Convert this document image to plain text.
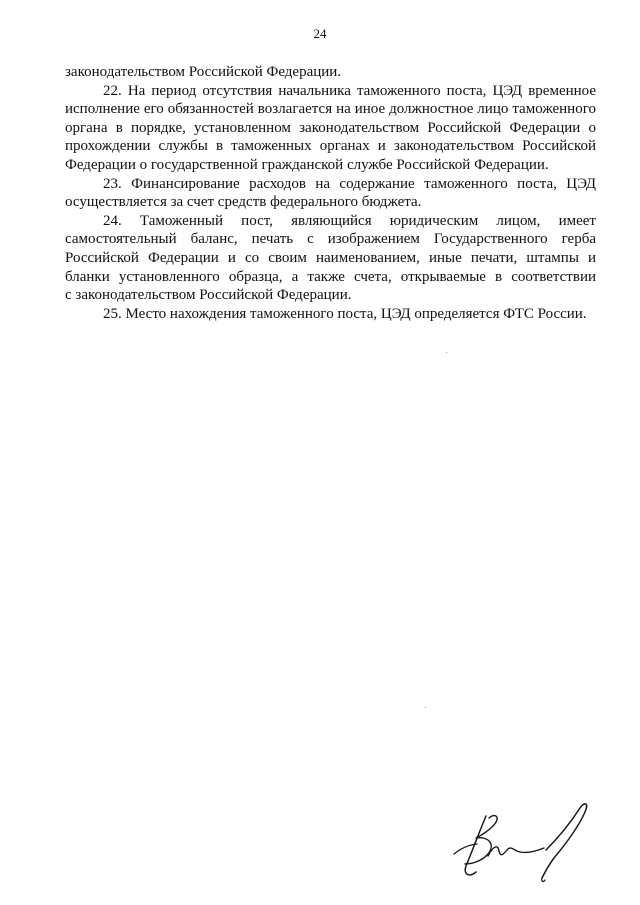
24
законодательством Российской Федерации.
22. На период отсутствия начальника таможенного поста, ЦЭД временное
исполнение его обязанностей возлагается на иное должностное лицо таможенного
органа в порядке, установленном законодательством Российской Федерации о
прохождении службы в таможенных органах и законодательством Российской
Федерации о государственной гражданской службе Российской Федерации.
23. Финансирование расходов на содержание таможенного поста, ЦЭД
осуществляется за счет средств федерального бюджета.
24. Таможенный пост, являющийся юридическим лицом, имеет
самостоятельный баланс, печать с изображением Государственного герба
Российской Федерации и со своим наименованием, иные печати, штампы и
бланки установленного образца, а также счета, открываемые в соответствии
с законодательством Российской Федерации.
25. Место нахождения таможенного поста, ЦЭД определяется ФТС России.
